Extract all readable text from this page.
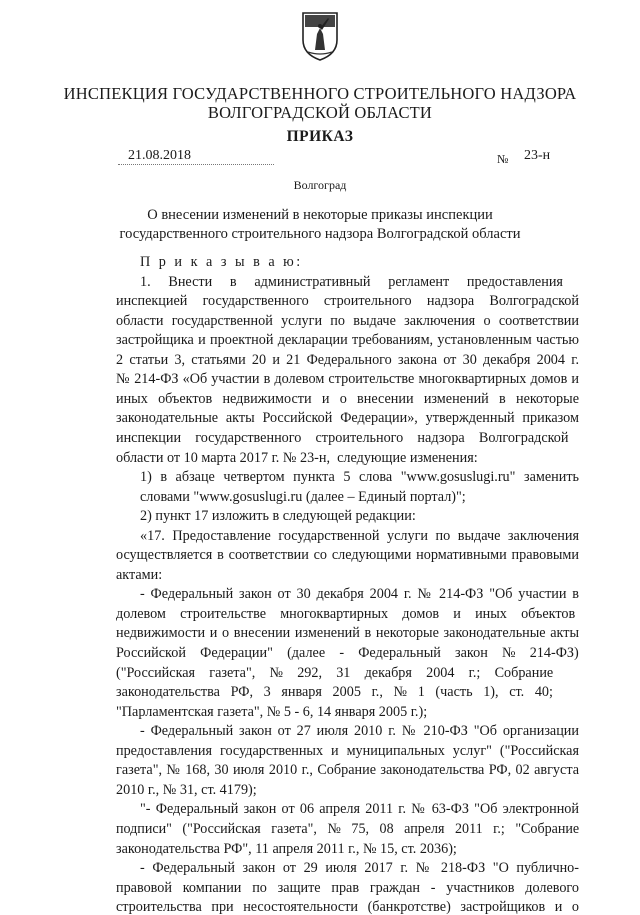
ИНСПЕКЦИЯ ГОСУДАРСТВЕННОГО СТРОИТЕЛЬНОГО НАДЗОРА
ВОЛГОГРАДСКОЙ ОБЛАСТИ
ПРИКАЗ
21.08.2018	№ 23-н
Волгоград
О внесении изменений в некоторые приказы инспекции
государственного строительного надзора Волгоградской области
П р и к а з ы в а ю:
1.     Внести     в     административный     регламент     предоставления
инспекцией государственного строительного надзора Волгоградской
области государственной услуги по выдаче заключения о соответствии
застройщика и проектной декларации требованиям, установленным частью
2 статьи 3, статьями 20 и 21 Федерального закона от 30 декабря 2004 г.
№ 214-ФЗ «Об участии в долевом строительстве многоквартирных домов и
иных объектов недвижимости и о внесении изменений в некоторые
законодательные акты Российской Федерации», утвержденный приказом
инспекции    государственного    строительного    надзора    Волгоградской
области от 10 марта 2017 г. № 23-н,  следующие изменения:
1) в абзаце четвертом пункта 5 слова "www.gosuslugi.ru" заменить
словами "www.gosuslugi.ru (далее – Единый портал)";
2) пункт 17 изложить в следующей редакции:
«17. Предоставление государственной услуги по выдаче заключения
осуществляется в соответствии со следующими нормативными правовыми
актами:
- Федеральный закон от 30 декабря 2004 г. № 214-ФЗ "Об участии в
долевом    строительстве    многоквартирных    домов    и    иных    объектов
недвижимости и о внесении изменений в некоторые законодательные акты
Российской    Федерации"    (далее    -    Федеральный    закон    №    214-ФЗ)
("Российская    газета",    №    292,    31    декабря    2004    г.;    Собрание
законодательства   РФ,   3   января   2005   г.,   №   1   (часть   1),   ст.   40;
"Парламентская газета", № 5 - 6, 14 января 2005 г.);
- Федеральный закон от 27 июля 2010 г. № 210-ФЗ "Об организации
предоставления государственных и муниципальных услуг" ("Российская
газета", № 168, 30 июля 2010 г., Собрание законодательства РФ, 02 августа
2010 г., № 31, ст. 4179);
"- Федеральный закон от 06 апреля 2011 г. № 63-ФЗ "Об электронной
подписи"   ("Российская   газета",   №   75,   08   апреля   2011   г.;   "Собрание
законодательства РФ", 11 апреля 2011 г., № 15, ст. 2036);
- Федеральный закон от 29 июля 2017 г. № 218-ФЗ "О публично-
правовой компании по защите прав граждан - участников долевого
строительства при несостоятельности (банкротстве) застройщиков и о
